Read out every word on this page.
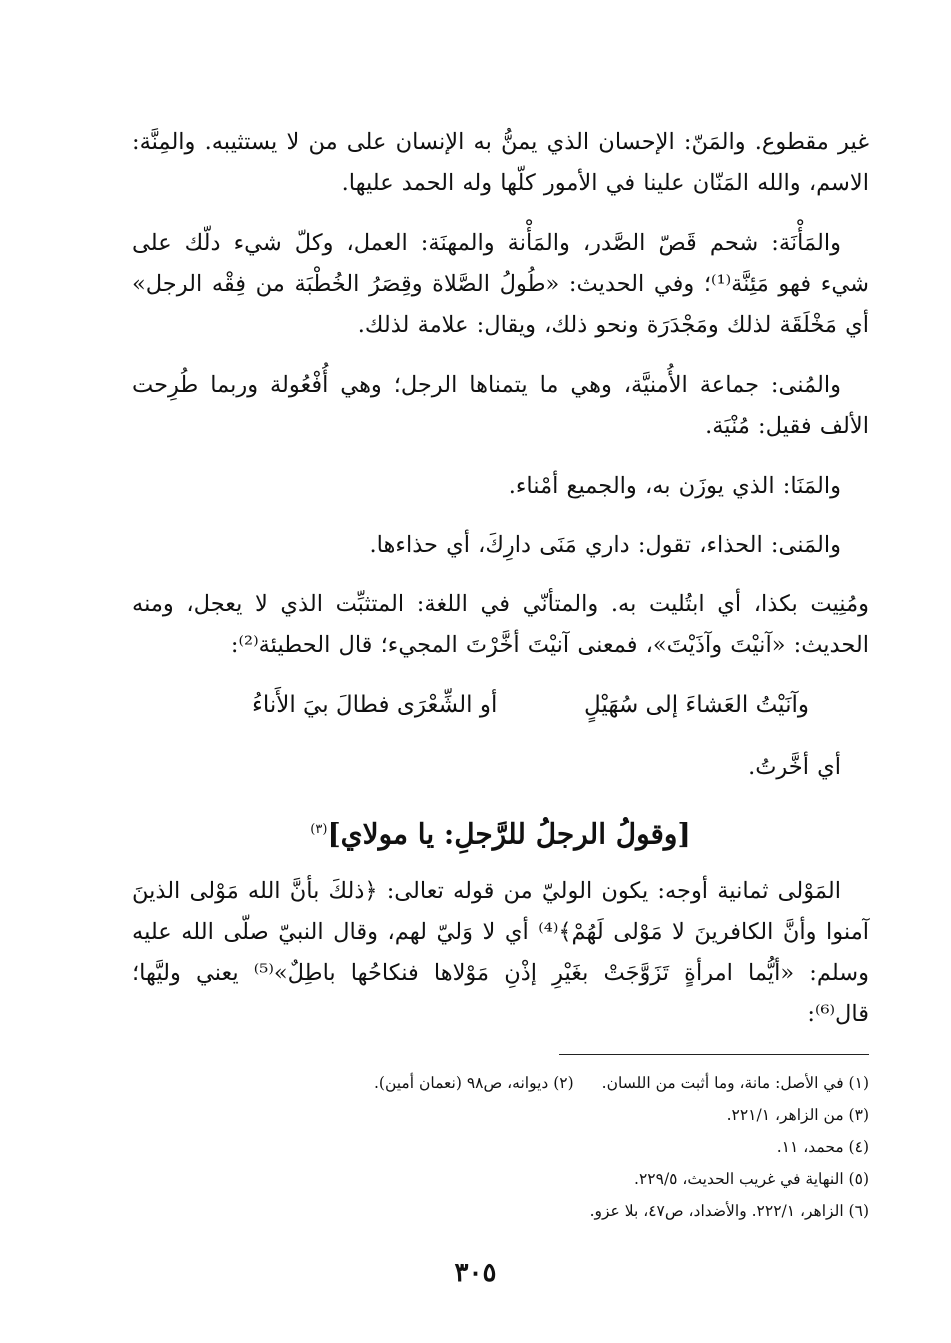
غير مقطوع. والمَنّ: الإحسان الذي يمنُّ به الإنسان على من لا يستثيبه. والمِنَّة: الاسم، والله المَنّان علينا في الأمور كلّها وله الحمد عليها.

والمَأْنَة: شحم قَصّ الصَّدر، والمَأْنة والمهنَة: العمل، وكلّ شيء دلّك على شيء فهو مَئِنَّة⁽¹⁾؛ وفي الحديث: «طُولُ الصَّلاة وقِصَرُ الخُطْبَة من فِقْه الرجل» أي مَخْلَقَة لذلك ومَجْدَرَة ونحو ذلك، ويقال: علامة لذلك.

والمُنى: جماعة الأُمنيَّة، وهي ما يتمناها الرجل؛ وهي أُفْعُولة وربما طُرِحت الألف فقيل: مُنْيَة.

والمَنَا: الذي يوزَن به، والجميع أمْناء.

والمَنى: الحذاء، تقول: داري مَنَى دارِكَ، أي حذاءها.

ومُنِيت بكذا، أي ابتُليت به. والمتأنّي في اللغة: المتثبِّت الذي لا يعجل، ومنه الحديث: «آنيْتَ وآذَيْتَ»، فمعنى آنيْتَ أخَّرْتَ المجيء؛ قال الحطيئة⁽²⁾:

وآنَيْتُ العَشاءَ إلى سُهَيْلٍ
أو الشِّعْرَى فطالَ بيَ الأَناءُ

أي أخَّرتُ.

[وقولُ الرجلُ للرَّجلِ: يا مولاي]$^{(٣)}$

المَوْلى ثمانية أوجه: يكون الوليّ من قوله تعالى: ﴿ذلكَ بأنَّ الله مَوْلى الذينَ آمنوا وأنَّ الكافرينَ لا مَوْلى لَهُمْ﴾⁽⁴⁾ أي لا وَليّ لهم، وقال النبيّ صلّى الله عليه وسلم: «أيُّما امرأةٍ تَزَوَّجَتْ بغَيْرِ إذْنِ مَوْلاها فنكاحُها باطِلٌ»⁽⁵⁾ يعني وليَّها؛ قال⁽⁶⁾:

(١) في الأصل: مانة، وما أثبت من اللسان.
(٢) ديوانه، ص٩٨ (نعمان أمين).
(٣) من الزاهر، ٢٢١/١.
(٤) محمد، ١١.
(٥) النهاية في غريب الحديث، ٢٢٩/٥.
(٦) الزاهر، ٢٢٢/١. والأضداد، ص٤٧، بلا عزو.
٣٠٥
